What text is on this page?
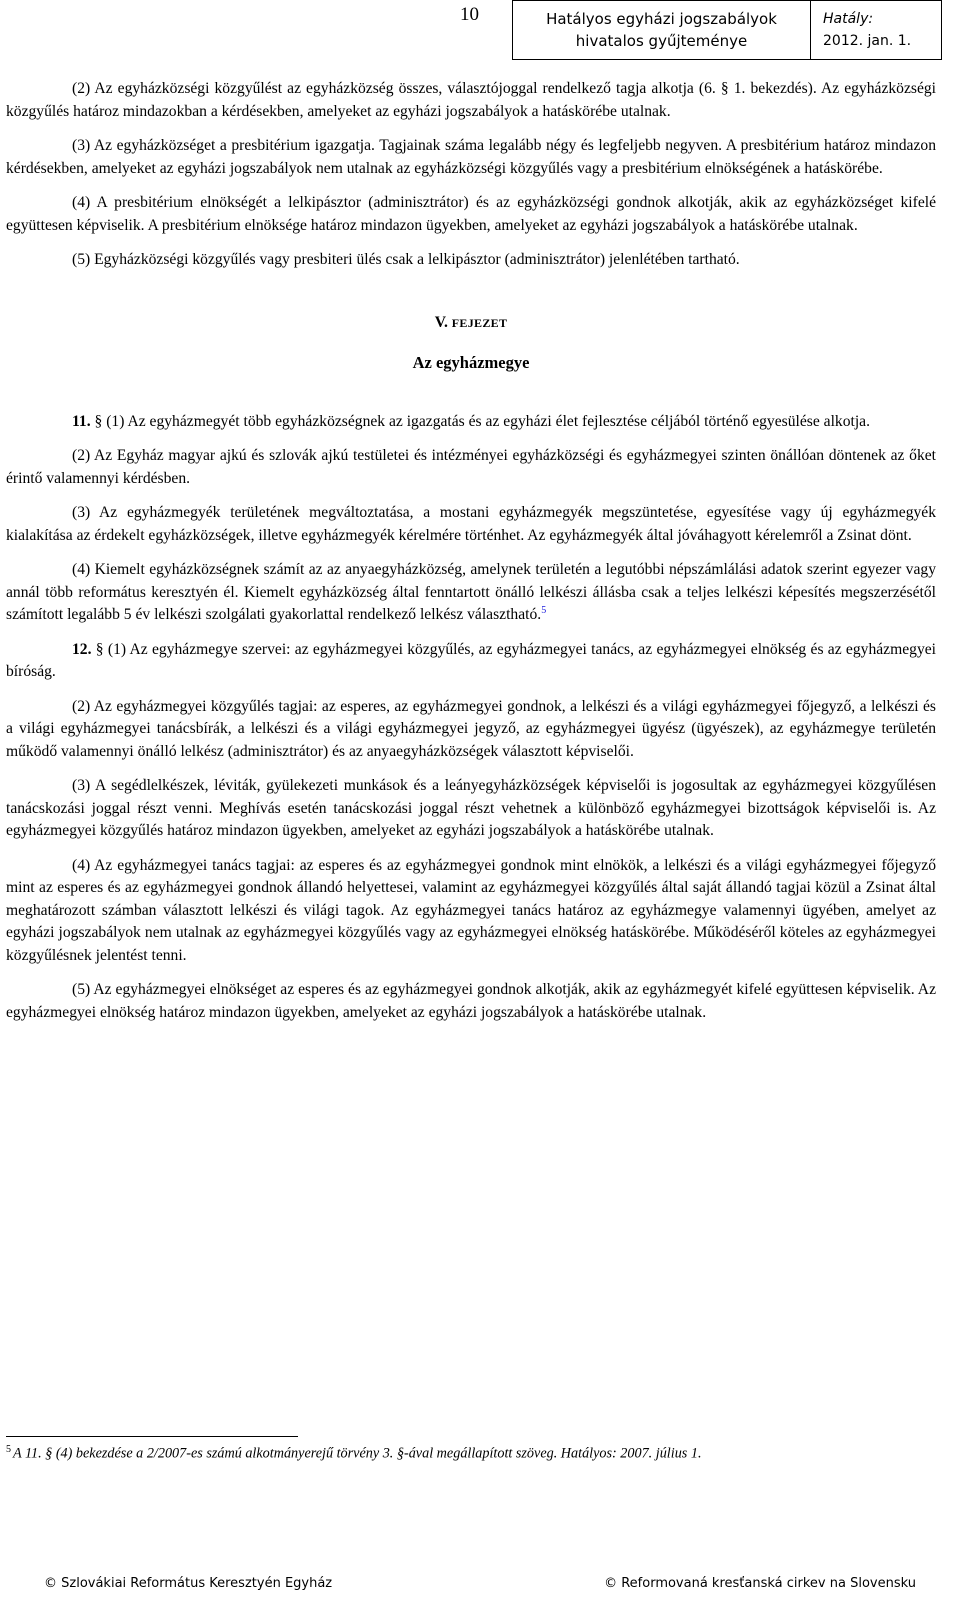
10	Hatályos egyházi jogszabályok
hivatalos gyűjteménye
Hatály:
2012. jan. 1.

(2) Az egyházközségi közgyűlést az egyházközség összes, választójoggal rendelkező tagja alkotja (6. § 1. bekezdés). Az egyházközségi közgyűlés határoz mindazokban a kérdésekben, amelyeket az egyházi jogszabályok a hatáskörébe utalnak.

(3) Az egyházközséget a presbitérium igazgatja. Tagjainak száma legalább négy és legfeljebb negyven. A presbitérium határoz mindazon kérdésekben, amelyeket az egyházi jogszabályok nem utalnak az egyházközségi közgyűlés vagy a presbitérium elnökségének a hatáskörébe.

(4) A presbitérium elnökségét a lelkipásztor (adminisztrátor) és az egyházközségi gondnok alkotják, akik az egyházközséget kifelé együttesen képviselik. A presbitérium elnöksége határoz mindazon ügyekben, amelyeket az egyházi jogszabályok a hatáskörébe utalnak.

(5) Egyházközségi közgyűlés vagy presbiteri ülés csak a lelkipásztor (adminisztrátor) jelenlétében tartható.

V. FEJEZET
Az egyházmegye

11. § (1) Az egyházmegyét több egyházközségnek az igazgatás és az egyházi élet fejlesztése céljából történő egyesülése alkotja.

(2) Az Egyház magyar ajkú és szlovák ajkú testületei és intézményei egyházközségi és egyházmegyei szinten önállóan döntenek az őket érintő valamennyi kérdésben.

(3) Az egyházmegyék területének megváltoztatása, a mostani egyházmegyék megszüntetése, egyesítése vagy új egyházmegyék kialakítása az érdekelt egyházközségek, illetve egyházmegyék kérelmére történhet. Az egyházmegyék által jóváhagyott kérelemről a Zsinat dönt.

(4) Kiemelt egyházközségnek számít az az anyaegyházközség, amelynek területén a legutóbbi népszámlálási adatok szerint egyezer vagy annál több református keresztyén él. Kiemelt egyházközség által fenntartott önálló lelkészi állásba csak a teljes lelkészi képesítés megszerzésétől számított legalább 5 év lelkészi szolgálati gyakorlattal rendelkező lelkész választható.$^5$

12. § (1) Az egyházmegye szervei: az egyházmegyei közgyűlés, az egyházmegyei tanács, az egyházmegyei elnökség és az egyházmegyei bíróság.

(2) Az egyházmegyei közgyűlés tagjai: az esperes, az egyházmegyei gondnok, a lelkészi és a világi egyházmegyei főjegyző, a lelkészi és a világi egyházmegyei tanácsbírák, a lelkészi és a világi egyházmegyei jegyző, az egyházmegyei ügyész (ügyészek), az egyházmegye területén működő valamennyi önálló lelkész (adminisztrátor) és az anyaegyházközségek választott képviselői.

(3) A segédlelkészek, léviták, gyülekezeti munkások és a leányegyházközségek képviselői is jogosultak az egyházmegyei közgyűlésen tanácskozási joggal részt venni. Meghívás esetén tanácskozási joggal részt vehetnek a különböző egyházmegyei bizottságok képviselői is. Az egyházmegyei közgyűlés határoz mindazon ügyekben, amelyeket az egyházi jogszabályok a hatáskörébe utalnak.

(4) Az egyházmegyei tanács tagjai: az esperes és az egyházmegyei gondnok mint elnökök, a lelkészi és a világi egyházmegyei főjegyző mint az esperes és az egyházmegyei gondnok állandó helyettesei, valamint az egyházmegyei közgyűlés által saját állandó tagjai közül a Zsinat által meghatározott számban választott lelkészi és világi tagok. Az egyházmegyei tanács határoz az egyházmegye valamennyi ügyében, amelyet az egyházi jogszabályok nem utalnak az egyházmegyei közgyűlés vagy az egyházmegyei elnökség hatáskörébe. Működéséről köteles az egyházmegyei közgyűlésnek jelentést tenni.

(5) Az egyházmegyei elnökséget az esperes és az egyházmegyei gondnok alkotják, akik az egyházmegyét kifelé együttesen képviselik. Az egyházmegyei elnökség határoz mindazon ügyekben, amelyeket az egyházi jogszabályok a hatáskörébe utalnak.

$^5$ A 11. § (4) bekezdése a 2/2007-es számú alkotmányerejű törvény 3. §-ával megállapított szöveg. Hatályos: 2007. július 1.
© Szlovákiai Református Keresztyén Egyház	© Reformovaná kresťanská cirkev na Slovensku
